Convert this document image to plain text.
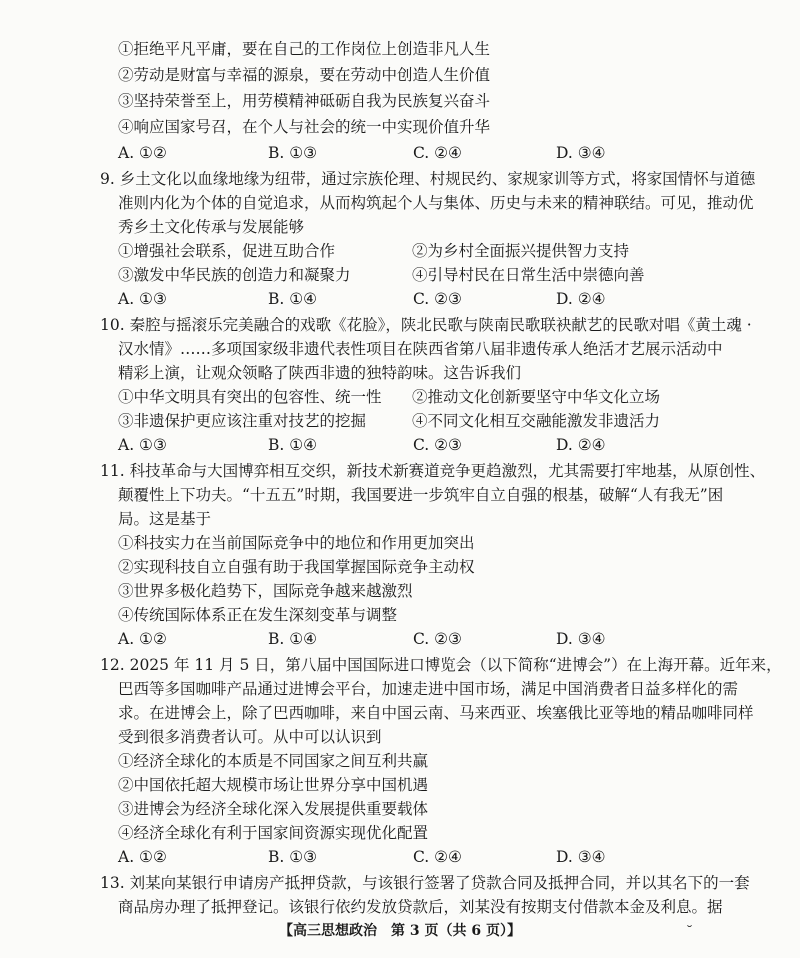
①拒绝平凡平庸，要在自己的工作岗位上创造非凡人生
②劳动是财富与幸福的源泉，要在劳动中创造人生价值
③坚持荣誉至上，用劳模精神砥砺自我为民族复兴奋斗
④响应国家号召，在个人与社会的统一中实现价值升华
A. ①②	B. ①③	C. ②④	D. ③④
9. 乡土文化以血缘地缘为纽带，通过宗族伦理、村规民约、家规家训等方式，将家国情怀与道德
准则内化为个体的自觉追求，从而构筑起个人与集体、历史与未来的精神联结。可见，推动优
秀乡土文化传承与发展能够
①增强社会联系，促进互助合作	②为乡村全面振兴提供智力支持
③激发中华民族的创造力和凝聚力	④引导村民在日常生活中崇德向善
A. ①③	B. ①④	C. ②③	D. ②④
10. 秦腔与摇滚乐完美融合的戏歌《花脸》，陕北民歌与陕南民歌联袂献艺的民歌对唱《黄土魂 ·
汉水情》……多项国家级非遗代表性项目在陕西省第八届非遗传承人绝活才艺展示活动中
精彩上演，让观众领略了陕西非遗的独特韵味。这告诉我们
①中华文明具有突出的包容性、统一性 ②推动文化创新要坚守中华文化立场
③非遗保护更应该注重对技艺的挖掘	④不同文化相互交融能激发非遗活力
A. ①③	B. ①④	C. ②③	D. ②④
11. 科技革命与大国博弈相互交织，新技术新赛道竞争更趋激烈，尤其需要打牢地基，从原创性、
颠覆性上下功夫。“十五五”时期，我国要进一步筑牢自立自强的根基，破解“人有我无”困
局。这是基于
①科技实力在当前国际竞争中的地位和作用更加突出
②实现科技自立自强有助于我国掌握国际竞争主动权
③世界多极化趋势下，国际竞争越来越激烈
④传统国际体系正在发生深刻变革与调整
A. ①②	B. ①④	C. ②③	D. ③④
12. 2025 年 11 月 5 日，第八届中国国际进口博览会（以下简称“进博会”）在上海开幕。近年来，
巴西等多国咖啡产品通过进博会平台，加速走进中国市场，满足中国消费者日益多样化的需
求。在进博会上，除了巴西咖啡，来自中国云南、马来西亚、埃塞俄比亚等地的精品咖啡同样
受到很多消费者认可。从中可以认识到
①经济全球化的本质是不同国家之间互利共赢
②中国依托超大规模市场让世界分享中国机遇
③进博会为经济全球化深入发展提供重要载体
④经济全球化有利于国家间资源实现优化配置
A. ①②	B. ①③	C. ②④	D. ③④
13. 刘某向某银行申请房产抵押贷款，与该银行签署了贷款合同及抵押合同，并以其名下的一套
商品房办理了抵押登记。该银行依约发放贷款后，刘某没有按期支付借款本金及利息。据
【高三思想政治　第 3 页（共 6 页）】	˘
